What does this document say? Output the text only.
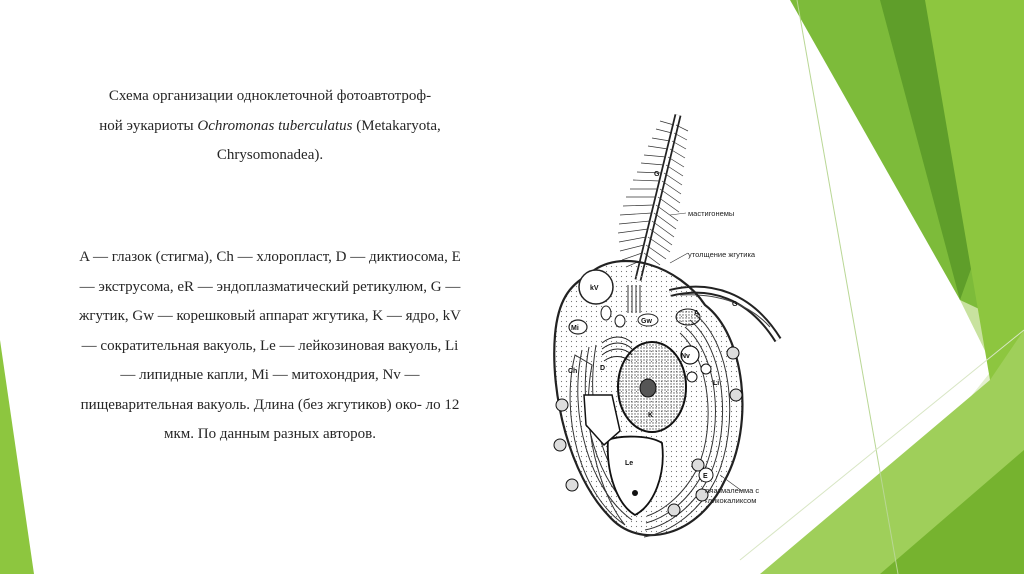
Схема организации одноклеточной фотоавтотроф-
ной эукариоты Ochromonas tuberculatus (Metakaryota,
Chrysomonadea).
A — глазок (стигма), Ch — хлоропласт, D — диктиосома, E
— экструсома, eR — эндоплазматический ретикулюм, G —
жгутик, Gw — корешковый аппарат жгутика, K — ядро, kV
— сократительная вакуоль, Le — лейкозиновая вакуоль, Li
— липидные капли, Mi — митохондрия, Nv —
пищеварительная вакуоль. Длина (без жгутиков) око- ло 12
мкм. По данным разных авторов.
G
G
kV
Mi
Gw
D
Ch
K
Le
A
Nv
Li
E
мастигонемы
утолщение жгутика
плазмалемма с
гликокаликсом
